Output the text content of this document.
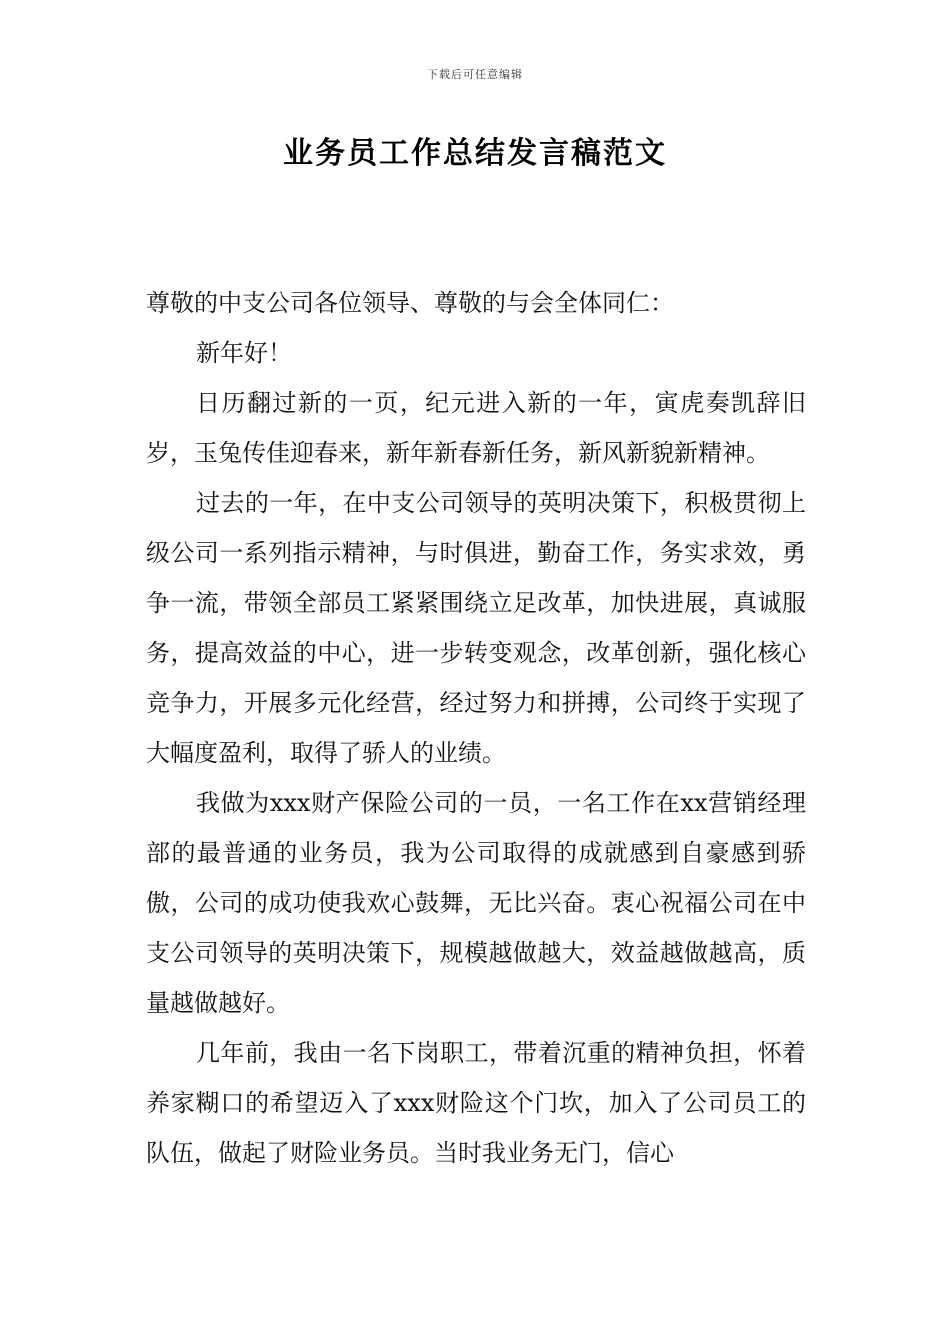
下载后可任意编辑
业务员工作总结发言稿范文

尊敬的中支公司各位领导、尊敬的与会全体同仁：

新年好！

日历翻过新的一页，纪元进入新的一年，寅虎奏凯辞旧岁，玉兔传佳迎春来，新年新春新任务，新风新貌新精神。

过去的一年，在中支公司领导的英明决策下，积极贯彻上级公司一系列指示精神，与时俱进，勤奋工作，务实求效，勇争一流，带领全部员工紧紧围绕立足改革，加快进展，真诚服务，提高效益的中心，进一步转变观念，改革创新，强化核心竞争力，开展多元化经营，经过努力和拼搏，公司终于实现了大幅度盈利，取得了骄人的业绩。

我做为xxx财产保险公司的一员，一名工作在xx营销经理部的最普通的业务员，我为公司取得的成就感到自豪感到骄傲，公司的成功使我欢心鼓舞，无比兴奋。衷心祝福公司在中支公司领导的英明决策下，规模越做越大，效益越做越高，质量越做越好。

几年前，我由一名下岗职工，带着沉重的精神负担，怀着养家糊口的希望迈入了xxx财险这个门坎，加入了公司员工的队伍，做起了财险业务员。当时我业务无门，信心
